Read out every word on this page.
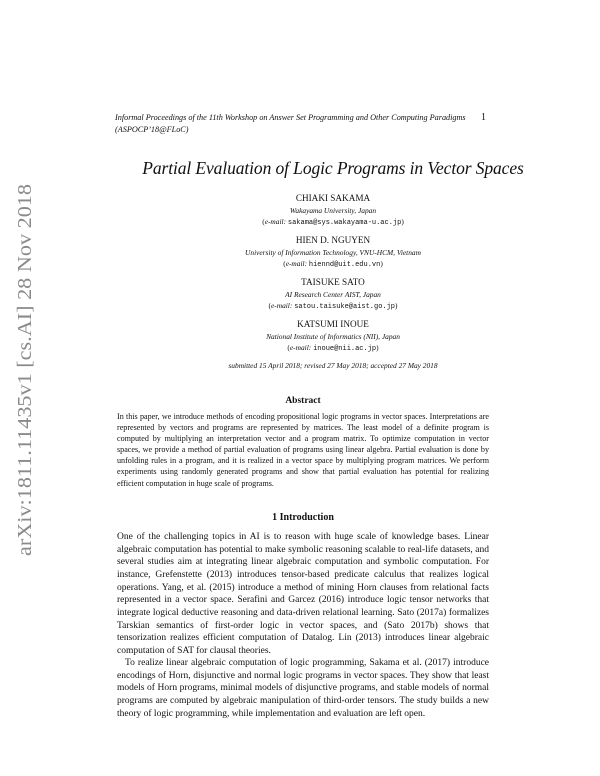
arXiv:1811.11435v1 [cs.AI] 28 Nov 2018
Informal Proceedings of the 11th Workshop on Answer Set Programming and Other Computing Paradigms
(ASPOCP’18@FLoC)
1
Partial Evaluation of Logic Programs in Vector Spaces
CHIAKI SAKAMA
Wakayama University, Japan
(e-mail: sakama@sys.wakayama-u.ac.jp)
HIEN D. NGUYEN
University of Information Technology, VNU-HCM, Vietnam
(e-mail: hiennd@uit.edu.vn)
TAISUKE SATO
AI Research Center AIST, Japan
(e-mail: satou.taisuke@aist.go.jp)
KATSUMI INOUE
National Institute of Informatics (NII), Japan
(e-mail: inoue@nii.ac.jp)
submitted 15 April 2018; revised 27 May 2018; accepted 27 May 2018
Abstract

In this paper, we introduce methods of encoding propositional logic programs in vector spaces. Interpretations are represented by vectors and programs are represented by matrices. The least model of a definite program is computed by multiplying an interpretation vector and a program matrix. To optimize computation in vector spaces, we provide a method of partial evaluation of programs using linear algebra. Partial evaluation is done by unfolding rules in a program, and it is realized in a vector space by multiplying program matrices. We perform experiments using randomly generated programs and show that partial evaluation has potential for realizing efficient computation in huge scale of programs.

1 Introduction

One of the challenging topics in AI is to reason with huge scale of knowledge bases. Linear algebraic computation has potential to make symbolic reasoning scalable to real-life datasets, and several studies aim at integrating linear algebraic computation and symbolic computation. For instance, Grefenstette (2013) introduces tensor-based predicate calculus that realizes logical operations. Yang, et al. (2015) introduce a method of mining Horn clauses from relational facts represented in a vector space. Serafini and Garcez (2016) introduce logic tensor networks that integrate logical deductive reasoning and data-driven relational learning. Sato (2017a) formalizes Tarskian semantics of first-order logic in vector spaces, and (Sato 2017b) shows that tensorization realizes efficient computation of Datalog. Lin (2013) introduces linear algebraic computation of SAT for clausal theories.

To realize linear algebraic computation of logic programming, Sakama et al. (2017) introduce encodings of Horn, disjunctive and normal logic programs in vector spaces. They show that least models of Horn programs, minimal models of disjunctive programs, and stable models of normal programs are computed by algebraic manipulation of third-order tensors. The study builds a new theory of logic programming, while implementation and evaluation are left open.
